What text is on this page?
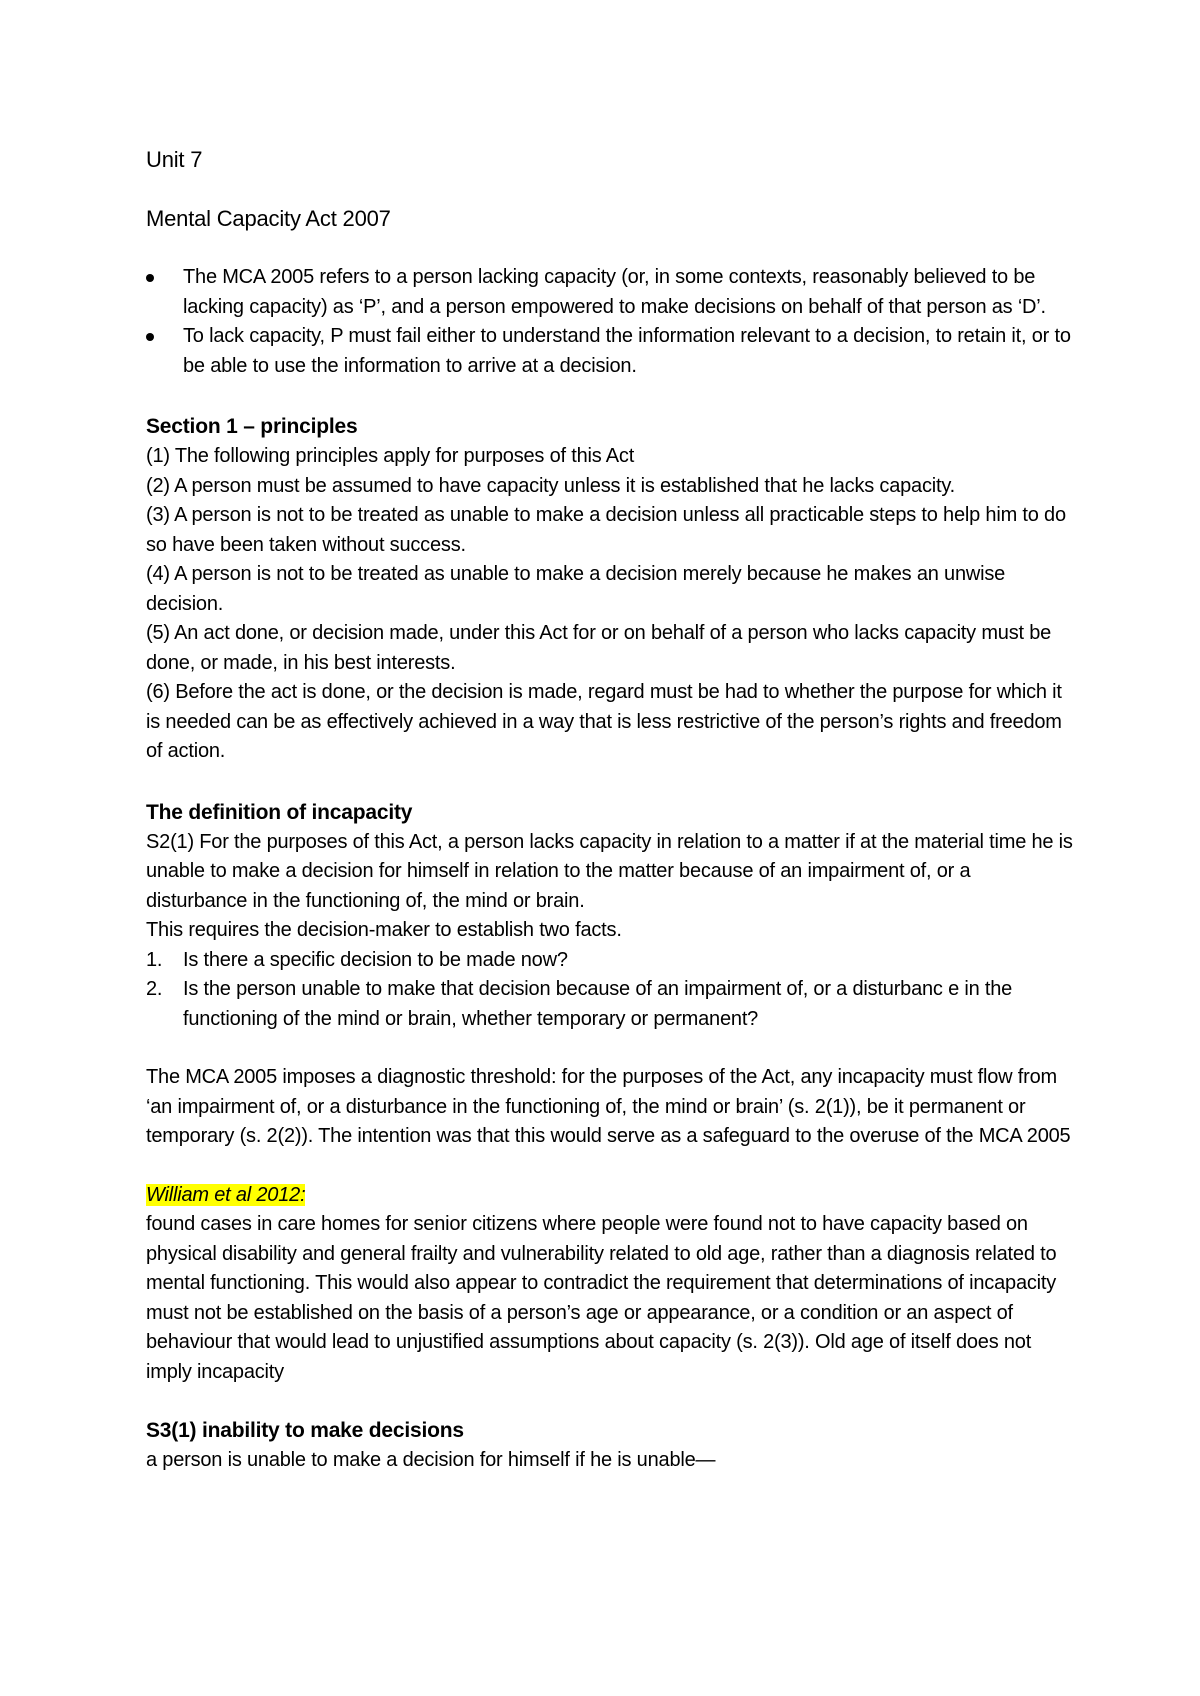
Unit 7

Mental Capacity Act 2007

The MCA 2005 refers to a person lacking capacity (or, in some contexts, reasonably believed to be lacking capacity) as ‘P’, and a person empowered to make decisions on behalf of that person as ‘D’.
To lack capacity, P must fail either to understand the information relevant to a decision, to retain it, or to be able to use the information to arrive at a decision.

Section 1 – principles

(1) The following principles apply for purposes of this Act

(2) A person must be assumed to have capacity unless it is established that he lacks capacity.

(3) A person is not to be treated as unable to make a decision unless all practicable steps to help him to do so have been taken without success.

(4) A person is not to be treated as unable to make a decision merely because he makes an unwise decision.

(5) An act done, or decision made, under this Act for or on behalf of a person who lacks capacity must be done, or made, in his best interests.

(6) Before the act is done, or the decision is made, regard must be had to whether the purpose for which it is needed can be as effectively achieved in a way that is less restrictive of the person’s rights and freedom of action.

The definition of incapacity

S2(1) For the purposes of this Act, a person lacks capacity in relation to a matter if at the material time he is unable to make a decision for himself in relation to the matter because of an impairment of, or a disturbance in the functioning of, the mind or brain.

This requires the decision-maker to establish two facts.

1. Is there a specific decision to be made now?
2. Is the person unable to make that decision because of an impairment of, or a disturbanc e in the functioning of the mind or brain, whether temporary or permanent?

The MCA 2005 imposes a diagnostic threshold: for the purposes of the Act, any incapacity must flow from ‘an impairment of, or a disturbance in the functioning of, the mind or brain’ (s. 2(1)), be it permanent or temporary (s. 2(2)). The intention was that this would serve as a safeguard to the overuse of the MCA 2005

William et al 2012:

found cases in care homes for senior citizens where people were found not to have capacity based on physical disability and general frailty and vulnerability related to old age, rather than a diagnosis related to mental functioning. This would also appear to contradict the requirement that determinations of incapacity must not be established on the basis of a person’s age or appearance, or a condition or an aspect of behaviour that would lead to unjustified assumptions about capacity (s. 2(3)). Old age of itself does not imply incapacity

S3(1) inability to make decisions

a person is unable to make a decision for himself if he is unable—
